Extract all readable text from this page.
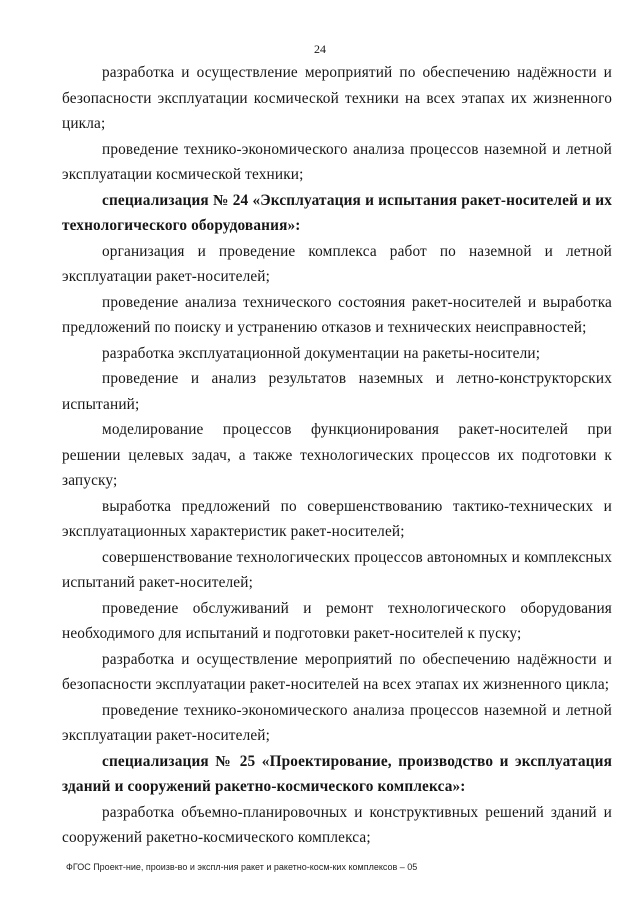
24

разработка и осуществление мероприятий по обеспечению надёжности и безопасности эксплуатации космической техники на всех этапах их жизненного цикла;

проведение технико-экономического анализа процессов наземной и летной эксплуатации космической техники;

специализация № 24 «Эксплуатация и испытания ракет-носителей и их технологического оборудования»:

организация и проведение комплекса работ по наземной и летной эксплуатации ракет-носителей;

проведение анализа технического состояния ракет-носителей и выработка предложений по поиску и устранению отказов и технических неисправностей;

разработка эксплуатационной документации на ракеты-носители;

проведение и анализ результатов наземных и летно-конструкторских испытаний;

моделирование процессов функционирования ракет-носителей при решении целевых задач, а также технологических процессов их подготовки к запуску;

выработка предложений по совершенствованию тактико-технических и эксплуатационных характеристик ракет-носителей;

совершенствование технологических процессов автономных и комплексных испытаний ракет-носителей;

проведение обслуживаний и ремонт технологического оборудования необходимого для испытаний и подготовки ракет-носителей к пуску;

разработка и осуществление мероприятий по обеспечению надёжности и безопасности эксплуатации ракет-носителей на всех этапах их жизненного цикла;

проведение технико-экономического анализа процессов наземной и летной эксплуатации ракет-носителей;

специализация № 25 «Проектирование, производство и эксплуатация зданий и сооружений ракетно-космического комплекса»:

разработка объемно-планировочных и конструктивных решений зданий и сооружений ракетно-космического комплекса;

ФГОС Проект-ние, произв-во и экспл-ния ракет и ракетно-косм-ких комплексов – 05
